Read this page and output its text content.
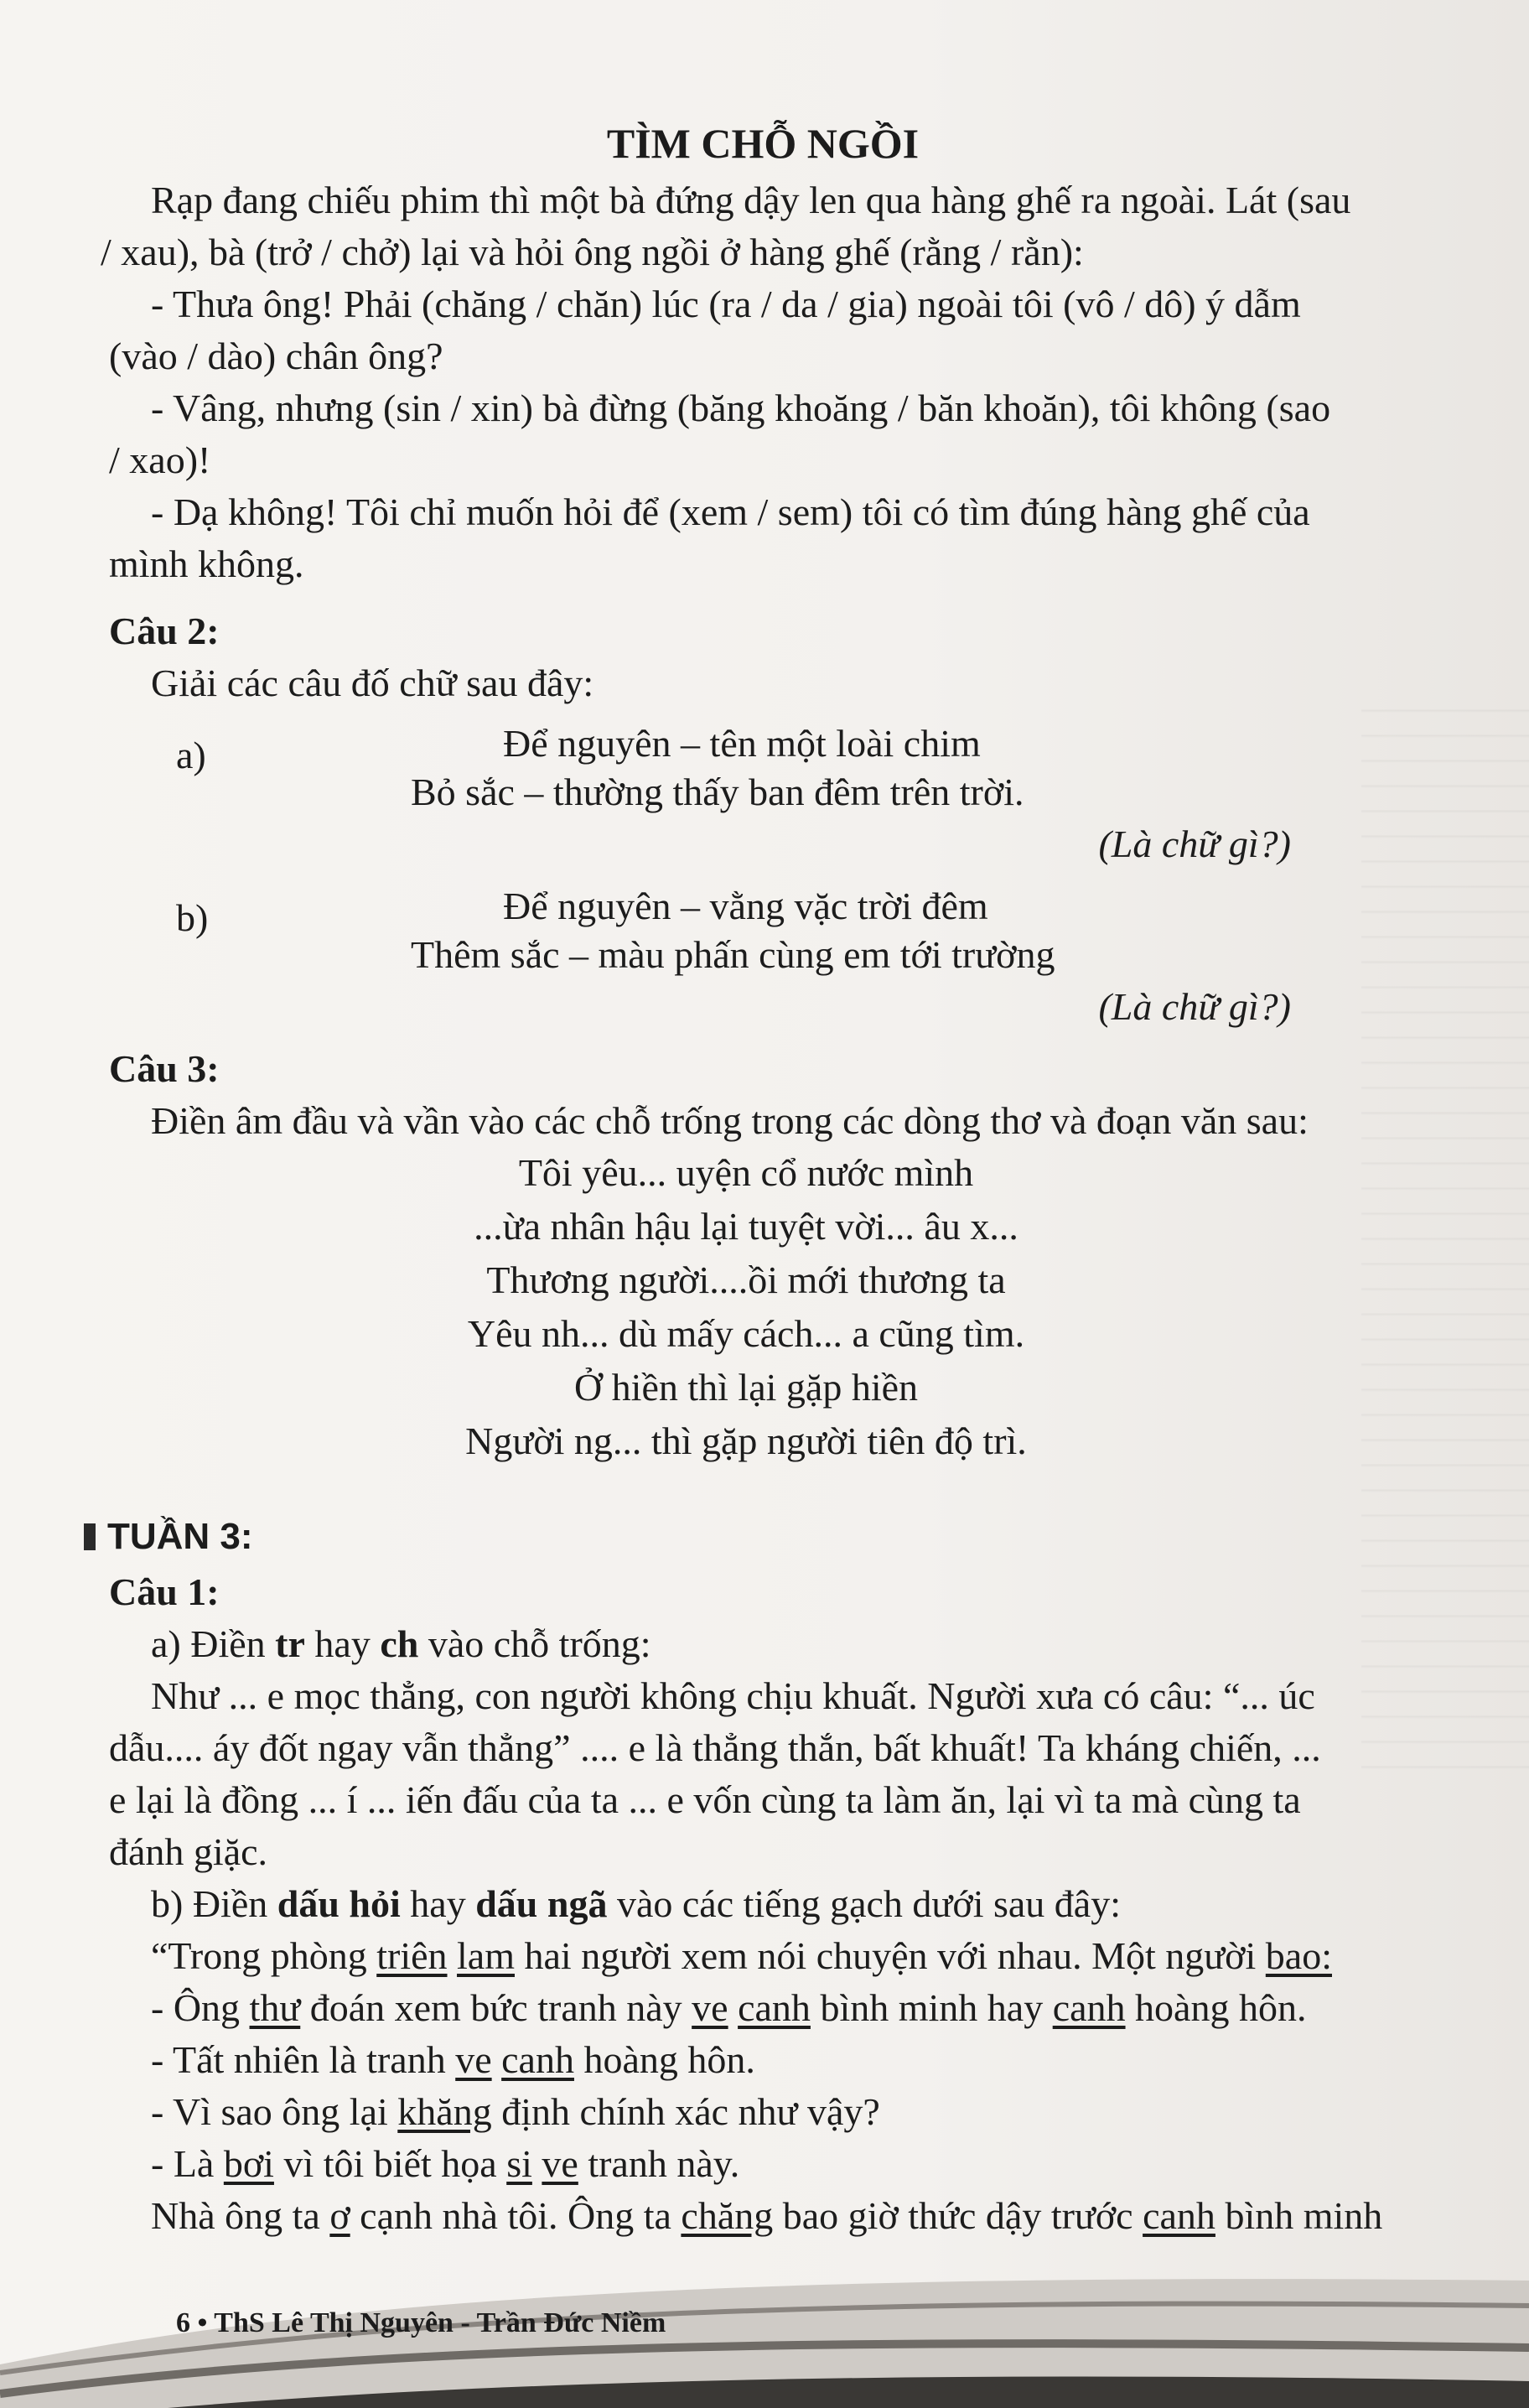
TÌM CHỖ NGỒI

Rạp đang chiếu phim thì một bà đứng dậy len qua hàng ghế ra ngoài. Lát (sau

/ xau), bà (trở / chở) lại và hỏi ông ngồi ở hàng ghế (rằng / rằn):

- Thưa ông! Phải (chăng / chăn) lúc (ra / da / gia) ngoài tôi (vô / dô) ý dẫm

(vào / dào) chân ông?

- Vâng, nhưng (sin / xin) bà đừng (băng khoăng / băn khoăn), tôi không (sao

/ xao)!

- Dạ không! Tôi chỉ muốn hỏi để (xem / sem) tôi có tìm đúng hàng ghế của

mình không.

Câu 2:

Giải các câu đố chữ sau đây:

a)	Để nguyên – tên một loài chim
Bỏ sắc – thường thấy ban đêm trên trời.

(Là chữ gì?)

b)	Để nguyên – vằng vặc trời đêm
Thêm sắc – màu phấn cùng em tới trường

(Là chữ gì?)

Câu 3:

Điền âm đầu và vần vào các chỗ trống trong các dòng thơ và đoạn văn sau:

Tôi yêu... uyện cổ nước mình
...ừa nhân hậu lại tuyệt vời... âu x...
Thương người....ồi mới thương ta
Yêu nh... dù mấy cách... a cũng tìm.
Ở hiền thì lại gặp hiền
Người ng... thì gặp người tiên độ trì.

TUẦN 3:

Câu 1:

a) Điền tr hay ch vào chỗ trống:

Như ... e mọc thẳng, con người không chịu khuất. Người xưa có câu: “... úc

dẫu.... áy đốt ngay vẫn thẳng” .... e là thẳng thắn, bất khuất! Ta kháng chiến, ...

e lại là đồng ... í ... iến đấu của ta ... e vốn cùng ta làm ăn, lại vì ta mà cùng ta

đánh giặc.

b) Điền dấu hỏi hay dấu ngã vào các tiếng gạch dưới sau đây:

“Trong phòng triên lam hai người xem nói chuyện với nhau. Một người bao:

- Ông thư đoán xem bức tranh này ve canh bình minh hay canh hoàng hôn.

- Tất nhiên là tranh ve canh hoàng hôn.

- Vì sao ông lại khăng định chính xác như vậy?

- Là bơi vì tôi biết họa si ve tranh này.

Nhà ông ta ơ cạnh nhà tôi. Ông ta chăng bao giờ thức dậy trước canh bình minh

6 • ThS Lê Thị Nguyên - Trần Đức Niềm
